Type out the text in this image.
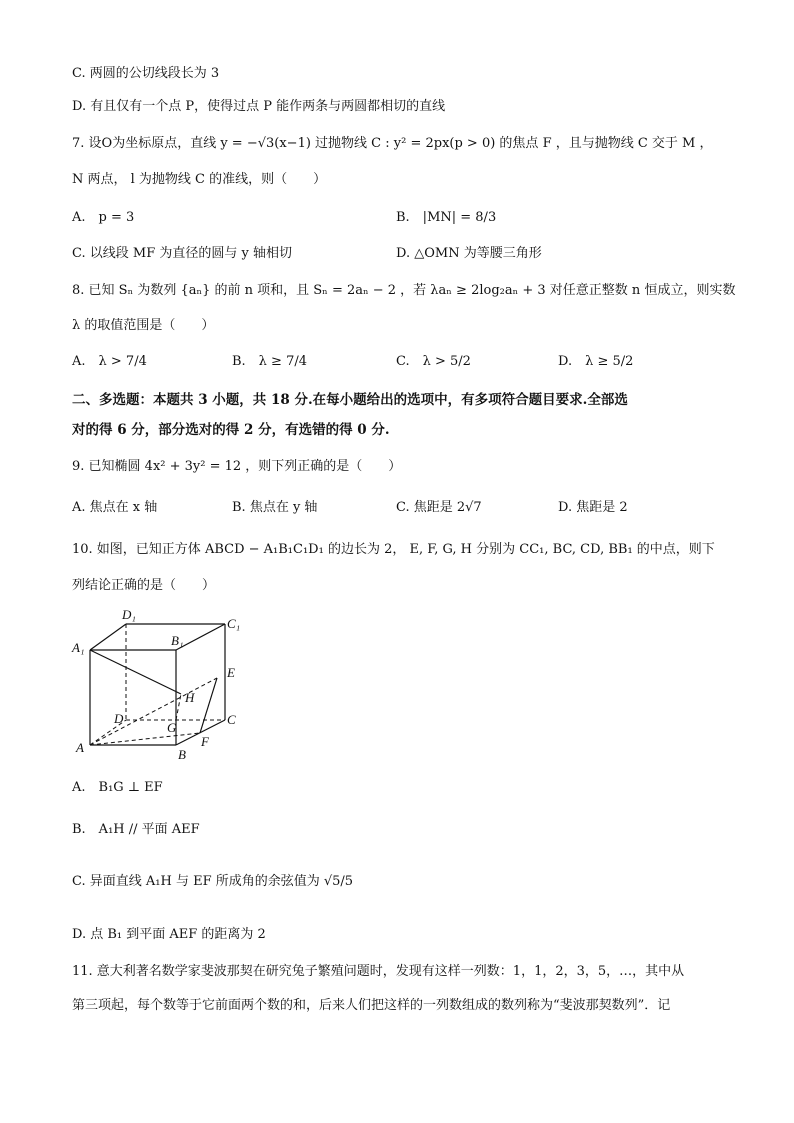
C. 两圆的公切线段长为 3
D. 有且仅有一个点 P，使得过点 P 能作两条与两圆都相切的直线
7. 设O为坐标原点，直线 y = −√3(x−1) 过抛物线 C : y² = 2px(p > 0) 的焦点 F ，且与抛物线 C 交于 M ，
N 两点， l 为抛物线 C 的准线，则（　　）
A.　p = 3	B.　|MN| = 8/3
C. 以线段 MF 为直径的圆与 y 轴相切	D. △OMN 为等腰三角形
8. 已知 Sₙ 为数列 {aₙ} 的前 n 项和，且 Sₙ = 2aₙ − 2 ，若 λaₙ ≥ 2log₂aₙ + 3 对任意正整数 n 恒成立，则实数
λ 的取值范围是（　　）
A.　λ > 7/4	B.　λ ≥ 7/4	C.　λ > 5/2	D.　λ ≥ 5/2
二、多选题：本题共 3 小题，共 18 分.在每小题给出的选项中，有多项符合题目要求.全部选
对的得 6 分，部分选对的得 2 分，有选错的得 0 分.
9. 已知椭圆 4x² + 3y² = 12 ，则下列正确的是（　　）
A. 焦点在 x 轴	B. 焦点在 y 轴	C. 焦距是 2√7	D. 焦距是 2
10. 如图，已知正方体 ABCD − A₁B₁C₁D₁ 的边长为 2， E, F, G, H 分别为 CC₁, BC, CD, BB₁ 的中点，则下
列结论正确的是（　　）
D₁
C₁
A₁	B₁
E
H
D	C
G
A	B
F
A.　B₁G ⊥ EF
B.　A₁H // 平面 AEF
C. 异面直线 A₁H 与 EF 所成角的余弦值为 √5/5
D. 点 B₁ 到平面 AEF 的距离为 2
11. 意大利著名数学家斐波那契在研究兔子繁殖问题时，发现有这样一列数：1，1，2，3，5，…，其中从
第三项起，每个数等于它前面两个数的和，后来人们把这样的一列数组成的数列称为“斐波那契数列”．记
